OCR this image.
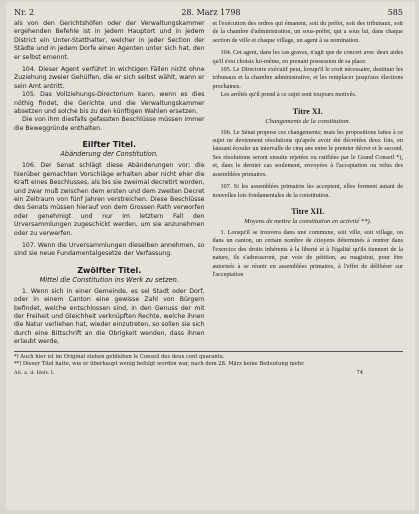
Nr. 2	28. Marz 1798	585

als von den Gerichtshöfen oder der Verwaltungskammer ergehenden Befehle ist in jedem Hauptort und in jedem District ein Unter-Statthalter, welcher in jeder Section der Städte und in jedem Dorfe einen Agenten unter sich hat, den er selbst ernennt.

104. Dieser Agent verführt in wichtigen Fällen nicht ohne Zuziehung zweier Gehülfen, die er sich selbst wählt, wann er sein Amt antritt.

105. Das Vollziehungs-Directorium kann, wenn es dies nöthig findet, die Gerichte und die Verwaltungskammer absetzen und solche bis zu den künftigen Wahlen ersetzen.

Die von ihm diesfalls gefassten Beschlüsse müssen immer die Beweggründe enthalten.

Eilfter Titel.
Abänderung der Constitution.

106. Der Senat schlägt diese Abänderungen vor; die hierüber gemachten Vorschläge erhalten aber nicht eher die Kraft eines Beschlusses, als bis sie zweimal decretirt worden, und zwar muß zwischen dem ersten und dem zweiten Decret ein Zeitraum von fünf Jahren verstreichen. Diese Beschlüsse des Senats müssen hierauf von dem Grossen Rath verworfen oder genehmigt und nur im letztern Fall den Urversammlungen zugeschickt werden, um sie anzunehmen oder zu verwerfen.

107. Wenn die Urversammlungen dieselben annehmen, so sind sie neue Fundamentalgesetze der Verfassung.

Zwölfter Titel.
Mittel die Constitution ins Werk zu setzen.

1. Wenn sich in einer Gemeinde, es sei Stadt oder Dorf, oder in einem Canton eine gewisse Zahl von Bürgern befindet, welche entschlossen sind, in den Genuss der mit der Freiheit und Gleichheit verknüpften Rechte, welche ihnen die Natur verliehen hat, wieder einzutreten, so sollen sie sich durch eine Bittschrift an die Obrigkeit wenden, dass ihnen erlaubt werde,

et l'exécution des ordres qui émanent, soit du préfet, soit des tribunaux, soit de la chambre d'administration, un sous-préfet, qui a sous lui, dans chaque section de ville et chaque village, un agent à sa nomination.

104. Cet agent, dans les cas graves, n'agit que de concert avec deux aides qu'il s'est choisis lui-même, en prenant possession de sa place.

105. Le Directoire exécutif peut, lorsqu'il le croit nécessaire, destituer les tribunaux et la chambre administrative, et les remplacer jusqu'aux élections prochaines.

Les arrêtés qu'il prend à ce sujet sont toujours motivés.

Titre XI.
Changements de la constitution.

106. Le Sénat propose ces changements; mais les propositions faites à ce sujet ne deviennent résolutions qu'après avoir été décrétées deux fois, en laissant écouler un intervalle de cinq ans entre le premier décret et le second. Ses résolutions seront ensuite rejetées ou ratifiées par le Grand Conseil *), et, dans le dernier cas seulement, envoyées à l'acceptation ou refus des assemblées primaires.

107. Si les assemblées primaires les acceptent, elles forment autant de nouvelles lois fondamentales de la constitution.

Titre XII.
Moyens de mettre la constitution en activité **).

1. Lorsqu'il se trouvera dans une commune, soit ville, soit village, ou dans un canton, un certain nombre de citoyens déterminés à rentrer dans l'exercice des droits inhérents à la liberté et à l'égalité qu'ils tiennent de la nature, ils s'adresseront, par voie de pétition, au magistrat, pour être autorisés à se réunir en assemblées primaires, à l'effet de délibérer sur l'acceptation

*) Auch hier ist im Original stehen geblieben le Conseil des deux cent quarante.
**) Dieser Titel hatte, wie er überhaupt wenig befolgt worden war, nach dem 28. März keine Bedeutung mehr.
AS. a. d. Helv. I.	74
